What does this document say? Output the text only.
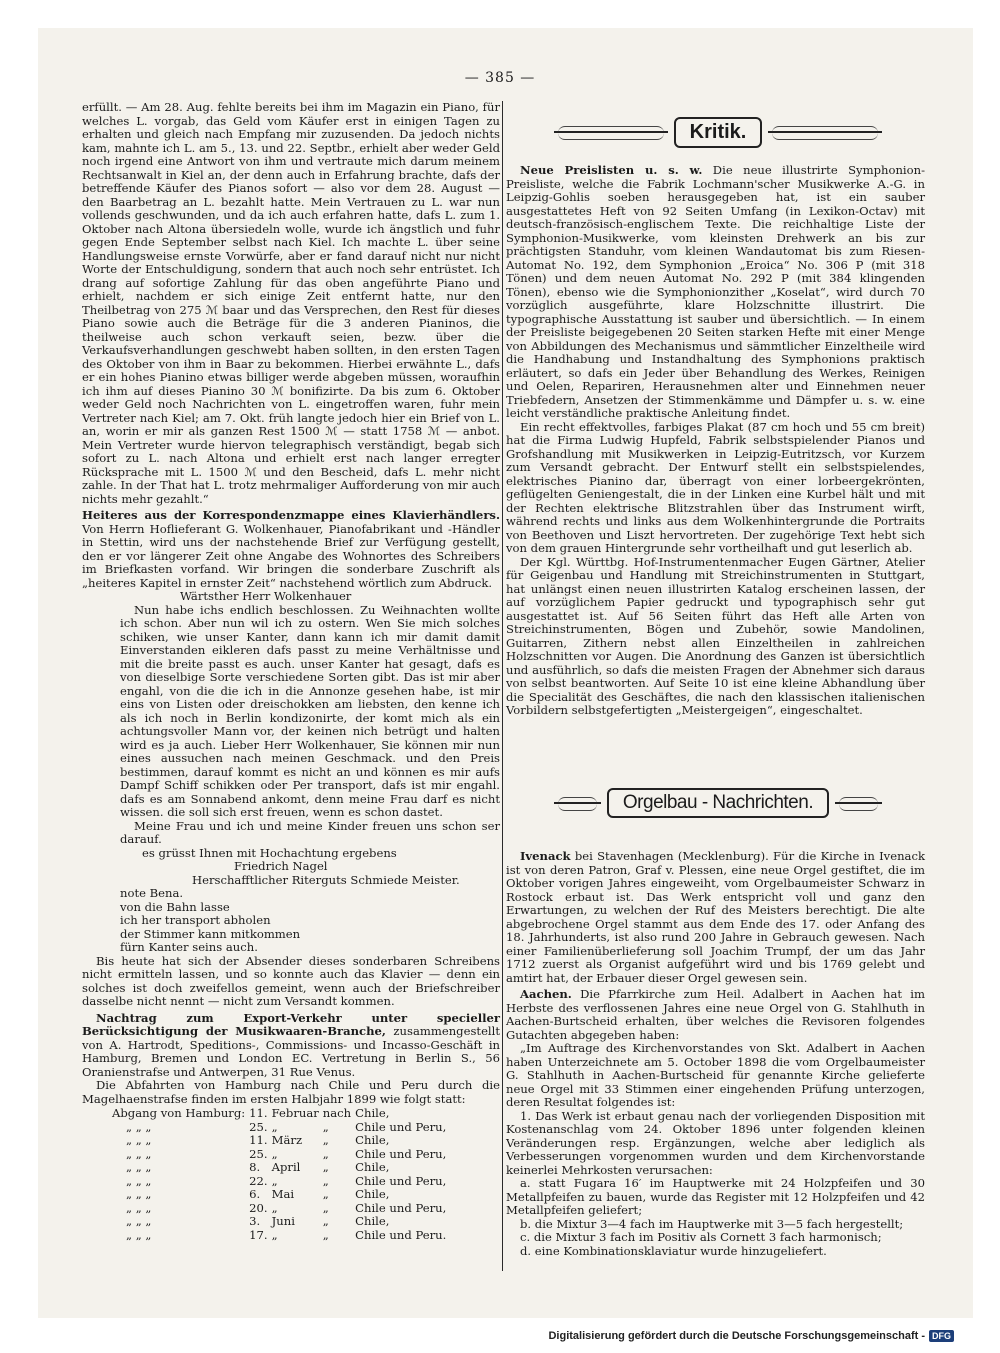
— 385 —

erfüllt. — Am 28. Aug. fehlte bereits bei ihm im Magazin ein Piano, für welches L. vorgab, das Geld vom Käufer erst in einigen Tagen zu erhalten und gleich nach Empfang mir zuzusenden. Da jedoch nichts kam, mahnte ich L. am 5., 13. und 22. Septbr., erhielt aber weder Geld noch irgend eine Antwort von ihm und vertraute mich darum meinem Rechtsanwalt in Kiel an, der denn auch in Erfahrung brachte, dafs der betreffende Käufer des Pianos sofort — also vor dem 28. August — den Baarbetrag an L. bezahlt hatte. Mein Vertrauen zu L. war nun vollends geschwunden, und da ich auch erfahren hatte, dafs L. zum 1. Oktober nach Altona übersiedeln wolle, wurde ich ängstlich und fuhr gegen Ende September selbst nach Kiel. Ich machte L. über seine Handlungsweise ernste Vorwürfe, aber er fand darauf nicht nur nicht Worte der Entschuldigung, sondern that auch noch sehr entrüstet. Ich drang auf sofortige Zahlung für das oben angeführte Piano und erhielt, nachdem er sich einige Zeit entfernt hatte, nur den Theilbetrag von 275 ℳ baar und das Versprechen, den Rest für dieses Piano sowie auch die Beträge für die 3 anderen Pianinos, die theilweise auch schon verkauft seien, bezw. über die Verkaufsverhandlungen geschwebt haben sollten, in den ersten Tagen des Oktober von ihm in Baar zu bekommen. Hierbei erwähnte L., dafs er ein hohes Pianino etwas billiger werde abgeben müssen, woraufhin ich ihm auf dieses Pianino 30 ℳ bonifizirte. Da bis zum 6. Oktober weder Geld noch Nachrichten von L. eingetroffen waren, fuhr mein Vertreter nach Kiel; am 7. Okt. früh langte jedoch hier ein Brief von L. an, worin er mir als ganzen Rest 1500 ℳ — statt 1758 ℳ — anbot. Mein Vertreter wurde hiervon telegraphisch verständigt, begab sich sofort zu L. nach Altona und erhielt erst nach langer erregter Rücksprache mit L. 1500 ℳ und den Bescheid, dafs L. mehr nicht zahle. In der That hat L. trotz mehrmaliger Aufforderung von mir auch nichts mehr gezahlt.“

Heiteres aus der Korrespondenzmappe eines Klavierhändlers. Von Herrn Hoflieferant G. Wolkenhauer, Pianofabrikant und -Händler in Stettin, wird uns der nachstehende Brief zur Verfügung gestellt, den er vor längerer Zeit ohne Angabe des Wohnortes des Schreibers im Briefkasten vorfand. Wir bringen die sonderbare Zuschrift als „heiteres Kapitel in ernster Zeit“ nachstehend wörtlich zum Abdruck.

Wärtsther Herr Wolkenhauer

Nun habe ichs endlich beschlossen. Zu Weihnachten wollte ich schon. Aber nun wil ich zu ostern. Wen Sie mich solches schiken, wie unser Kanter, dann kann ich mir damit damit Einverstanden eikleren dafs passt zu meine Verhältnisse und mit die breite passt es auch. unser Kanter hat gesagt, dafs es von dieselbige Sorte verschiedene Sorten gibt. Das ist mir aber engahl, von die die ich in die Annonze gesehen habe, ist mir eins von Listen oder dreischokken am liebsten, den kenne ich als ich noch in Berlin kondizonirte, der komt mich als ein achtungsvoller Mann vor, der keinen nich betrügt und halten wird es ja auch. Lieber Herr Wolkenhauer, Sie können mir nun eines aussuchen nach meinen Geschmack. und den Preis bestimmen, darauf kommt es nicht an und können es mir aufs Dampf Schiff schikken oder Per transport, dafs ist mir engahl. dafs es am Sonnabend ankomt, denn meine Frau darf es nicht wissen. die soll sich erst freuen, wenn es schon dastet.

Meine Frau und ich und meine Kinder freuen uns schon ser darauf.

es grüsst Ihnen mit Hochachtung ergebens
Friedrich Nagel
Herschafftlicher Riterguts Schmiede Meister.
note Bena.
von die Bahn lasse
ich her transport abholen
der Stimmer kann mitkommen
fürn Kanter seins auch.

Bis heute hat sich der Absender dieses sonderbaren Schreibens nicht ermitteln lassen, und so konnte auch das Klavier — denn ein solches ist doch zweifellos gemeint, wenn auch der Briefschreiber dasselbe nicht nennt — nicht zum Versandt kommen.

Nachtrag zum Export-Verkehr unter specieller Berücksichtigung der Musikwaaren-Branche, zusammengestellt von A. Hartrodt, Speditions-, Commissions- und Incasso-Geschäft in Hamburg, Bremen und London EC. Vertretung in Berlin S., 56 Oranienstrafse und Antwerpen, 31 Rue Venus.

Die Abfahrten von Hamburg nach Chile und Peru durch die Magelhaenstrafse finden im ersten Halbjahr 1899 wie folgt statt:

Abgang von Hamburg:	11.	Februar	nach	Chile,
„ „ „	25.	„	„	Chile und Peru,
„ „ „	11.	März	„	Chile,
„ „ „	25.	„	„	Chile und Peru,
„ „ „	8.	April	„	Chile,
„ „ „	22.	„	„	Chile und Peru,
„ „ „	6.	Mai	„	Chile,
„ „ „	20.	„	„	Chile und Peru,
„ „ „	3.	Juni	„	Chile,
„ „ „	17.	„	„	Chile und Peru.
Kritik.

Neue Preislisten u. s. w. Die neue illustrirte Symphonion-Preisliste, welche die Fabrik Lochmann'scher Musikwerke A.-G. in Leipzig-Gohlis soeben herausgegeben hat, ist ein sauber ausgestattetes Heft von 92 Seiten Umfang (in Lexikon-Octav) mit deutsch-französisch-englischem Texte. Die reichhaltige Liste der Symphonion-Musikwerke, vom kleinsten Drehwerk an bis zur prächtigsten Standuhr, vom kleinen Wandautomat bis zum Riesen-Automat No. 192, dem Symphonion „Eroica“ No. 306 P (mit 318 Tönen) und dem neuen Automat No. 292 P (mit 384 klingenden Tönen), ebenso wie die Symphonionzither „Koselat“, wird durch 70 vorzüglich ausgeführte, klare Holzschnitte illustrirt. Die typographische Ausstattung ist sauber und übersichtlich. — In einem der Preisliste beigegebenen 20 Seiten starken Hefte mit einer Menge von Abbildungen des Mechanismus und sämmtlicher Einzeltheile wird die Handhabung und Instandhaltung des Symphonions praktisch erläutert, so dafs ein Jeder über Behandlung des Werkes, Reinigen und Oelen, Repariren, Herausnehmen alter und Einnehmen neuer Triebfedern, Ansetzen der Stimmenkämme und Dämpfer u. s. w. eine leicht verständliche praktische Anleitung findet.

Ein recht effektvolles, farbiges Plakat (87 cm hoch und 55 cm breit) hat die Firma Ludwig Hupfeld, Fabrik selbstspielender Pianos und Grofshandlung mit Musikwerken in Leipzig-Eutritzsch, vor Kurzem zum Versandt gebracht. Der Entwurf stellt ein selbstspielendes, elektrisches Pianino dar, überragt von einer lorbeergekrönten, geflügelten Geniengestalt, die in der Linken eine Kurbel hält und mit der Rechten elektrische Blitzstrahlen über das Instrument wirft, während rechts und links aus dem Wolkenhintergrunde die Portraits von Beethoven und Liszt hervortreten. Der zugehörige Text hebt sich von dem grauen Hintergrunde sehr vortheilhaft und gut leserlich ab.

Der Kgl. Württbg. Hof-Instrumentenmacher Eugen Gärtner, Atelier für Geigenbau und Handlung mit Streichinstrumenten in Stuttgart, hat unlängst einen neuen illustrirten Katalog erscheinen lassen, der auf vorzüglichem Papier gedruckt und typographisch sehr gut ausgestattet ist. Auf 56 Seiten führt das Heft alle Arten von Streichinstrumenten, Bögen und Zubehör, sowie Mandolinen, Guitarren, Zithern nebst allen Einzeltheilen in zahlreichen Holzschnitten vor Augen. Die Anordnung des Ganzen ist übersichtlich und ausführlich, so dafs die meisten Fragen der Abnehmer sich daraus von selbst beantworten. Auf Seite 10 ist eine kleine Abhandlung über die Specialität des Geschäftes, die nach den klassischen italienischen Vorbildern selbstgefertigten „Meistergeigen“, eingeschaltet.

Orgelbau - Nachrichten.

Ivenack bei Stavenhagen (Mecklenburg). Für die Kirche in Ivenack ist von deren Patron, Graf v. Plessen, eine neue Orgel gestiftet, die im Oktober vorigen Jahres eingeweiht, vom Orgelbaumeister Schwarz in Rostock erbaut ist. Das Werk entspricht voll und ganz den Erwartungen, zu welchen der Ruf des Meisters berechtigt. Die alte abgebrochene Orgel stammt aus dem Ende des 17. oder Anfang des 18. Jahrhunderts, ist also rund 200 Jahre in Gebrauch gewesen. Nach einer Familienüberlieferung soll Joachim Trumpf, der um das Jahr 1712 zuerst als Organist aufgeführt wird und bis 1769 gelebt und amtirt hat, der Erbauer dieser Orgel gewesen sein.

Aachen. Die Pfarrkirche zum Heil. Adalbert in Aachen hat im Herbste des verflossenen Jahres eine neue Orgel von G. Stahlhuth in Aachen-Burtscheid erhalten, über welches die Revisoren folgendes Gutachten abgegeben haben:

„Im Auftrage des Kirchenvorstandes von Skt. Adalbert in Aachen haben Unterzeichnete am 5. October 1898 die vom Orgelbaumeister G. Stahlhuth in Aachen-Burtscheid für genannte Kirche gelieferte neue Orgel mit 33 Stimmen einer eingehenden Prüfung unterzogen, deren Resultat folgendes ist:

1. Das Werk ist erbaut genau nach der vorliegenden Disposition mit Kostenanschlag vom 24. Oktober 1896 unter folgenden kleinen Veränderungen resp. Ergänzungen, welche aber lediglich als Verbesserungen vorgenommen wurden und dem Kirchenvorstande keinerlei Mehrkosten verursachen:

a. statt Fugara 16′ im Hauptwerke mit 24 Holzpfeifen und 30 Metallpfeifen zu bauen, wurde das Register mit 12 Holzpfeifen und 42 Metallpfeifen geliefert;

b. die Mixtur 3—4 fach im Hauptwerke mit 3—5 fach hergestellt;

c. die Mixtur 3 fach im Positiv als Cornett 3 fach harmonisch;

d. eine Kombinationsklaviatur wurde hinzugeliefert.

Digitalisierung gefördert durch die Deutsche Forschungsgemeinschaft - DFG
